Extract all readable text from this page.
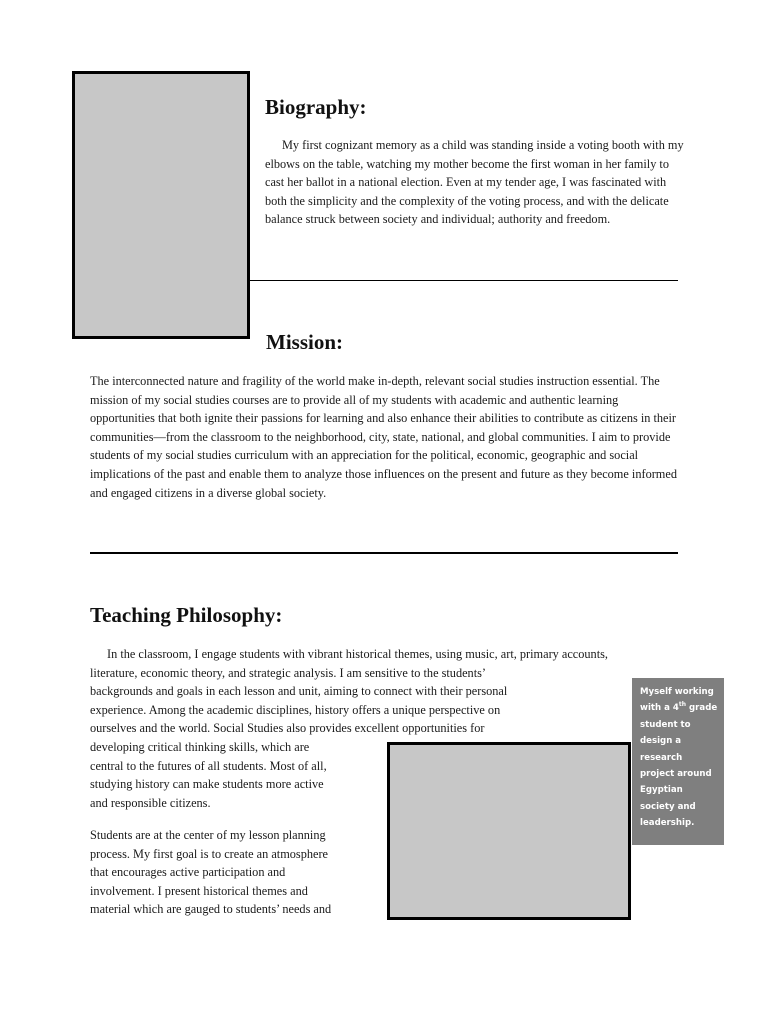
Biography:

My first cognizant memory as a child was standing inside a voting booth with my elbows on the table, watching my mother become the first woman in her family to cast her ballot in a national election. Even at my tender age, I was fascinated with both the simplicity and the complexity of the voting process, and with the delicate balance struck between society and individual; authority and freedom.

Mission:

The interconnected nature and fragility of the world make in-depth, relevant social studies instruction essential. The mission of my social studies courses are to provide all of my students with academic and authentic learning opportunities that both ignite their passions for learning and also enhance their abilities to contribute as citizens in their communities—from the classroom to the neighborhood, city, state, national, and global communities. I aim to provide students of my social studies curriculum with an appreciation for the political, economic, geographic and social implications of the past and enable them to analyze those influences on the present and future as they become informed and engaged citizens in a diverse global society.

Teaching Philosophy:
In the classroom, I engage students with vibrant historical themes, using music, art, primary accounts,
literature, economic theory, and strategic analysis. I am sensitive to the students’
backgrounds and goals in each lesson and unit, aiming to connect with their personal
experience. Among the academic disciplines, history offers a unique perspective on
ourselves and the world. Social Studies also provides excellent opportunities for
developing critical thinking skills, which are
central to the futures of all students. Most of all,
studying history can make students more active
and responsible citizens.
Students are at the center of my lesson planning
process. My first goal is to create an atmosphere
that encourages active participation and
involvement. I present historical themes and
material which are gauged to students’ needs and
Myself working with a 4th grade student to design a research project around Egyptian society and leadership.
